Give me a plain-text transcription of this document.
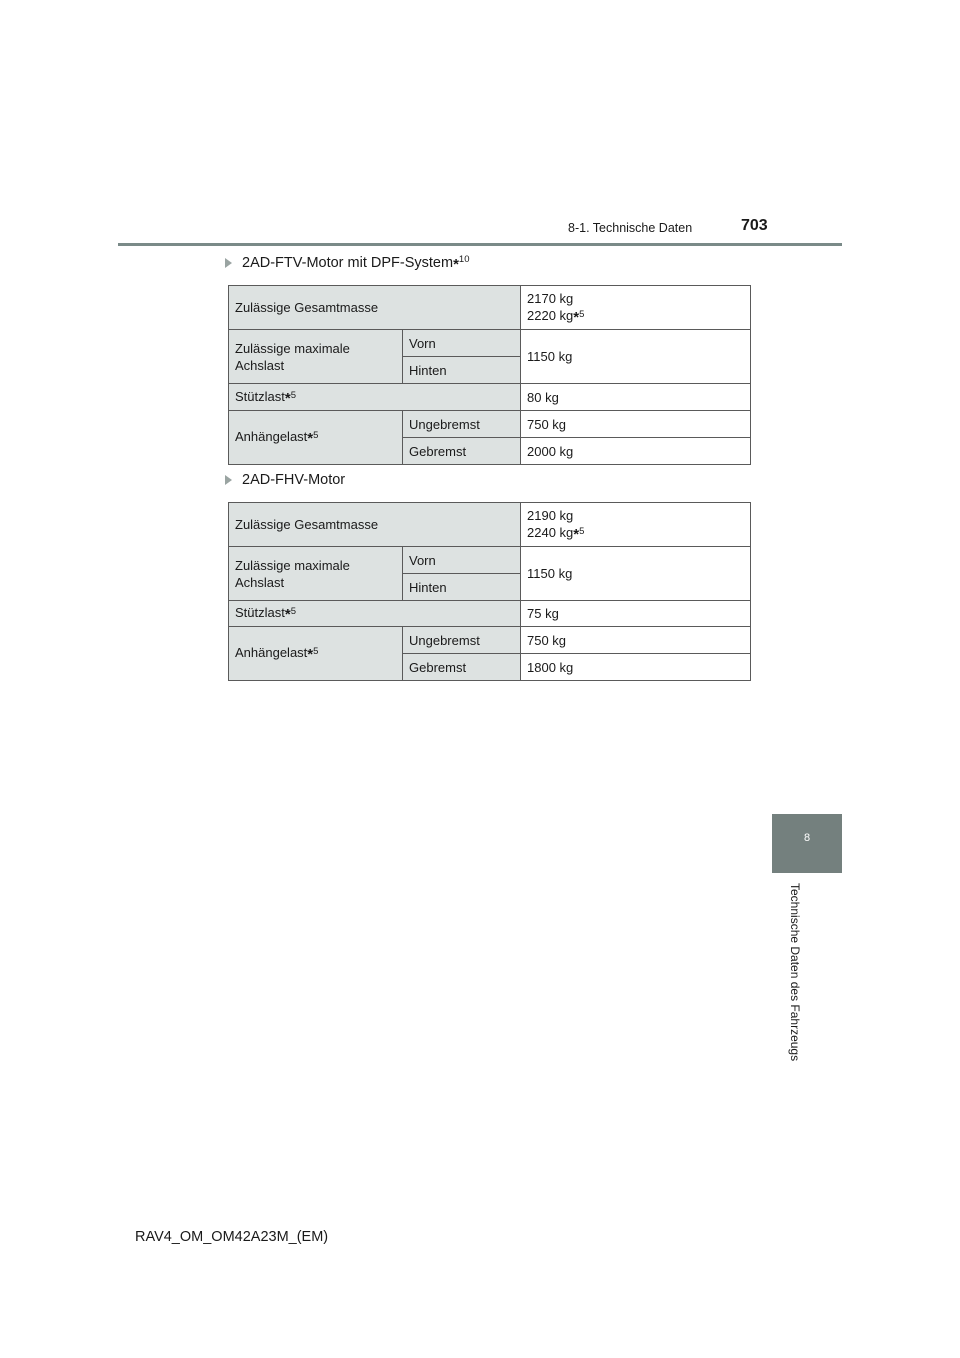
8-1. Technische Daten	703
2AD-FTV-Motor mit DPF-System *$^{10}$
Zulässige Gesamtmasse		2170 kg
2220 kg*$^5$
Zulässige maximale Achslast	Vorn	1150 kg
	Hinten	
Stützlast*$^5$		80 kg
Anhängelast*$^5$	Ungebremst	750 kg
	Gebremst	2000 kg
2AD-FHV-Motor
Zulässige Gesamtmasse		2190 kg
2240 kg*$^5$
Zulässige maximale Achslast	Vorn	1150 kg
	Hinten	
Stützlast*$^5$		75 kg
Anhängelast*$^5$	Ungebremst	750 kg
	Gebremst	1800 kg
8
Technische Daten des Fahrzeugs
RAV4_OM_OM42A23M_(EM)
